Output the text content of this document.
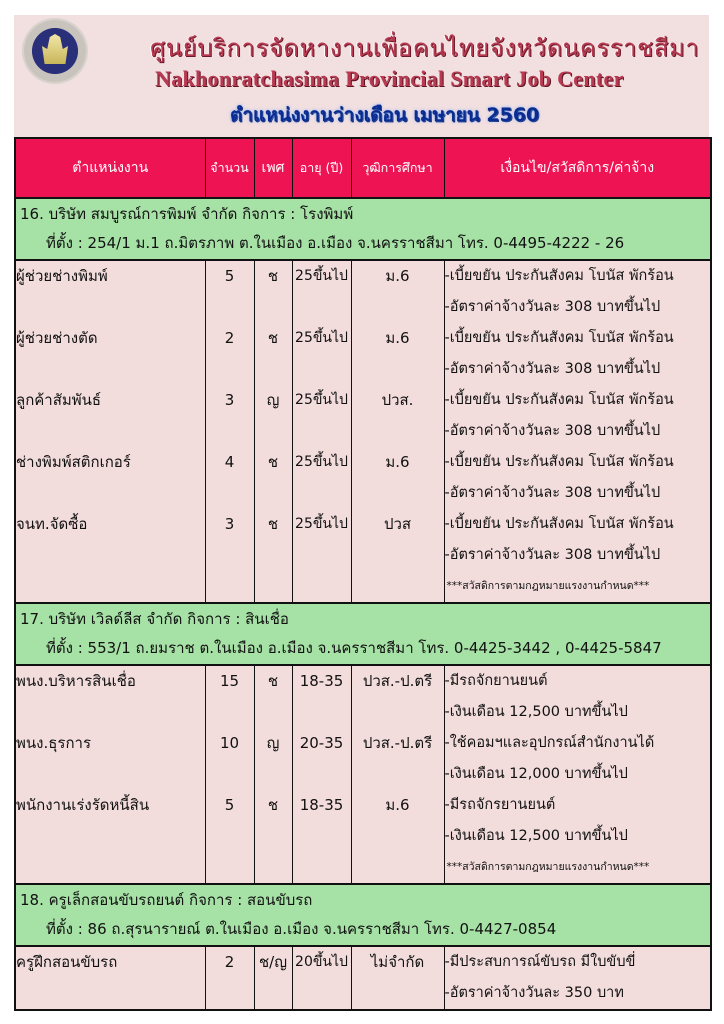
ศูนย์บริการจัดหางานเพื่อคนไทยจังหวัดนครราชสีมา
Nakhonratchasima Provincial Smart Job Center
ตำแหน่งงานว่างเดือน เมษายน 2560
ตำแหน่งงาน	จำนวน	เพศ	อายุ (ปี)	วุฒิการศึกษา	เงื่อนไข/สวัสดิการ/ค่าจ้าง

16. บริษัท สมบูรณ์การพิมพ์ จำกัด กิจการ : โรงพิมพ์
ที่ตั้ง : 254/1 ม.1 ถ.มิตรภาพ ต.ในเมือง อ.เมือง จ.นครราชสีมา โทร. 0-4495-4222 - 26					

ผู้ช่วยช่างพิมพ์	5	ช	25ขึ้นไป	ม.6	-เบี้ยขยัน ประกันสังคม โบนัส พักร้อน
-อัตราค่าจ้างวันละ 308 บาทขึ้นไป

ผู้ช่วยช่างตัด	2	ช	25ขึ้นไป	ม.6	-เบี้ยขยัน ประกันสังคม โบนัส พักร้อน
-อัตราค่าจ้างวันละ 308 บาทขึ้นไป

ลูกค้าสัมพันธ์	3	ญ	25ขึ้นไป	ปวส.	-เบี้ยขยัน ประกันสังคม โบนัส พักร้อน
-อัตราค่าจ้างวันละ 308 บาทขึ้นไป

ช่างพิมพ์สติกเกอร์	4	ช	25ขึ้นไป	ม.6	-เบี้ยขยัน ประกันสังคม โบนัส พักร้อน
-อัตราค่าจ้างวันละ 308 บาทขึ้นไป

จนท.จัดซื้อ	3	ช	25ขึ้นไป	ปวส	-เบี้ยขยัน ประกันสังคม โบนัส พักร้อน
-อัตราค่าจ้างวันละ 308 บาทขึ้นไป
***สวัสดิการตามกฎหมายแรงงานกำหนด***

17. บริษัท เวิลด์ลีส จำกัด กิจการ : สินเชื่อ
ที่ตั้ง : 553/1 ถ.ยมราช ต.ในเมือง อ.เมือง จ.นครราชสีมา โทร. 0-4425-3442 , 0-4425-5847					

พนง.บริหารสินเชื่อ	15	ช	18-35	ปวส.-ป.ตรี	-มีรถจักยานยนต์
-เงินเดือน 12,500 บาทขึ้นไป

พนง.ธุรการ	10	ญ	20-35	ปวส.-ป.ตรี	-ใช้คอมฯและอุปกรณ์สำนักงานได้
-เงินเดือน 12,000 บาทขึ้นไป

พนักงานเร่งรัดหนี้สิน	5	ช	18-35	ม.6	-มีรถจักรยานยนต์
-เงินเดือน 12,500 บาทขึ้นไป
***สวัสดิการตามกฎหมายแรงงานกำหนด***

18. ครูเล็กสอนขับรถยนต์ กิจการ : สอนขับรถ
ที่ตั้ง : 86 ถ.สุรนารายณ์ ต.ในเมือง อ.เมือง จ.นครราชสีมา โทร. 0-4427-0854					

ครูฝึกสอนขับรถ	2	ช/ญ	20ขึ้นไป	ไม่จำกัด	-มีประสบการณ์ขับรถ มีใบขับขี่
-อัตราค่าจ้างวันละ 350 บาท
